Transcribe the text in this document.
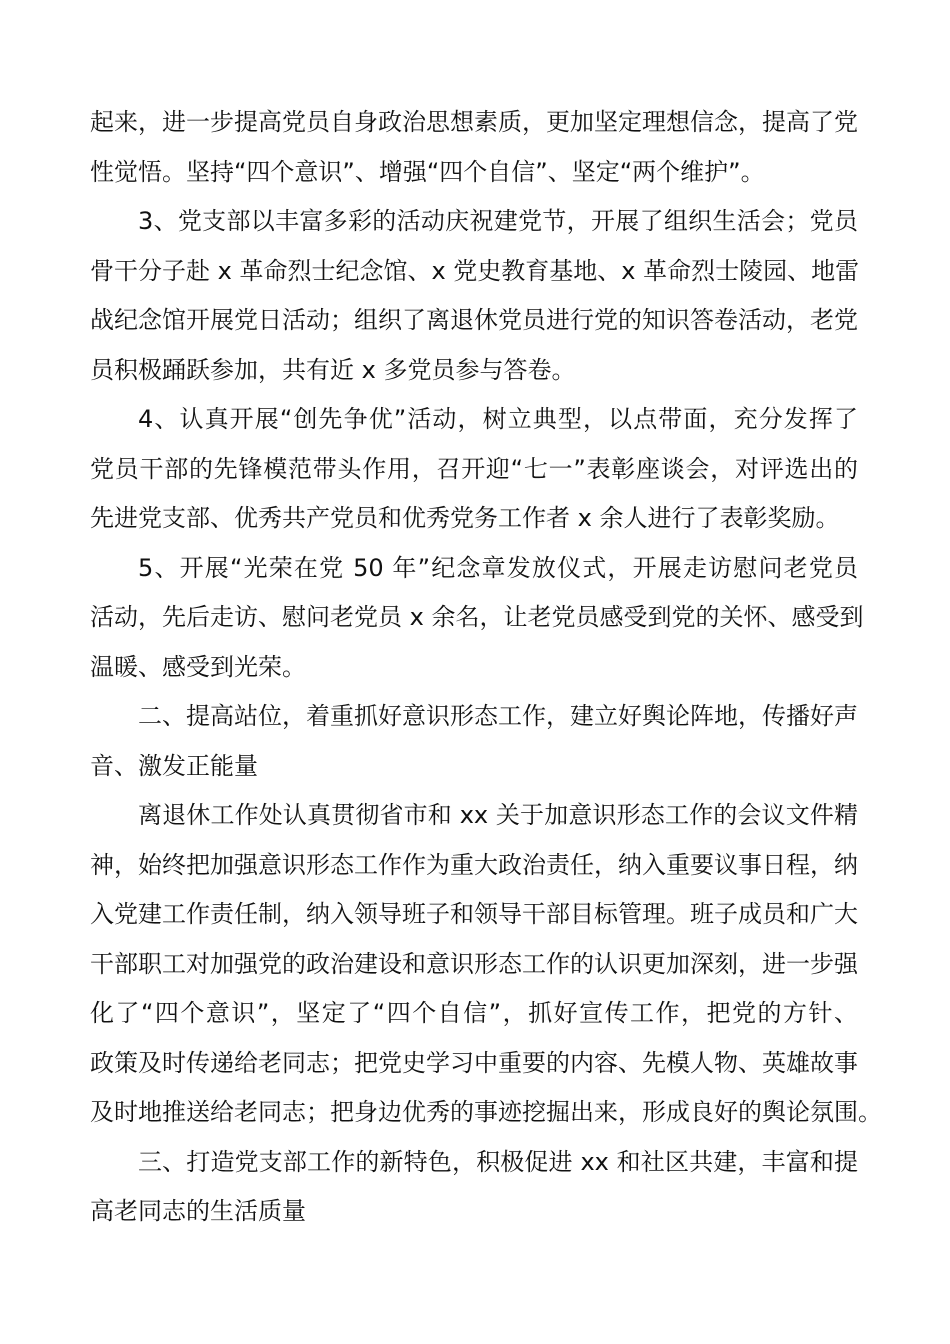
起来，进一步提高党员自身政治思想素质，更加坚定理想信念，提高了党
性觉悟。坚持“四个意识”、增强“四个自信”、坚定“两个维护”。
3、党支部以丰富多彩的活动庆祝建党节，开展了组织生活会；党员
骨干分子赴 x 革命烈士纪念馆、x 党史教育基地、x 革命烈士陵园、地雷
战纪念馆开展党日活动；组织了离退休党员进行党的知识答卷活动，老党
员积极踊跃参加，共有近 x 多党员参与答卷。
4、认真开展“创先争优”活动，树立典型，以点带面，充分发挥了
党员干部的先锋模范带头作用，召开迎“七一”表彰座谈会，对评选出的
先进党支部、优秀共产党员和优秀党务工作者 x 余人进行了表彰奖励。
5、开展“光荣在党 50 年”纪念章发放仪式，开展走访慰问老党员
活动，先后走访、慰问老党员 x 余名，让老党员感受到党的关怀、感受到
温暖、感受到光荣。
二、提高站位，着重抓好意识形态工作，建立好舆论阵地，传播好声
音、激发正能量
离退休工作处认真贯彻省市和 xx 关于加意识形态工作的会议文件精
神，始终把加强意识形态工作作为重大政治责任，纳入重要议事日程，纳
入党建工作责任制，纳入领导班子和领导干部目标管理。班子成员和广大
干部职工对加强党的政治建设和意识形态工作的认识更加深刻，进一步强
化了“四个意识”，坚定了“四个自信”，抓好宣传工作，把党的方针、
政策及时传递给老同志；把党史学习中重要的内容、先模人物、英雄故事
及时地推送给老同志；把身边优秀的事迹挖掘出来，形成良好的舆论氛围。
三、打造党支部工作的新特色，积极促进 xx 和社区共建，丰富和提
高老同志的生活质量
